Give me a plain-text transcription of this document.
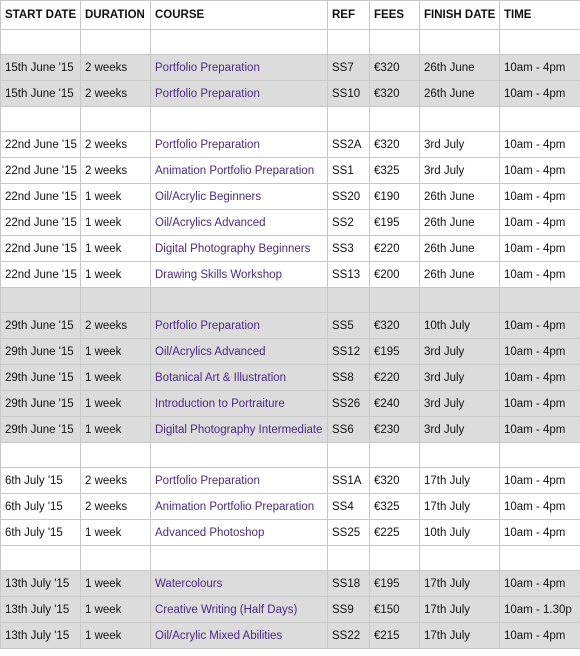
START DATE	DURATION	COURSE	REF	FEES	FINISH DATE	TIME

15th June '15	2 weeks	Portfolio Preparation	SS7	€320	26th June	10am - 4pm
15th June '15	2 weeks	Portfolio Preparation	SS10	€320	26th June	10am - 4pm

22nd June '15	2 weeks	Portfolio Preparation	SS2A	€320	3rd July	10am - 4pm
22nd June '15	2 weeks	Animation Portfolio Preparation	SS1	€325	3rd July	10am - 4pm
22nd June '15	1 week	Oil/Acrylic Beginners	SS20	€190	26th June	10am - 4pm
22nd June '15	1 week	Oil/Acrylics Advanced	SS2	€195	26th June	10am - 4pm
22nd June '15	1 week	Digital Photography Beginners	SS3	€220	26th June	10am - 4pm
22nd June '15	1 week	Drawing Skills Workshop	SS13	€200	26th June	10am - 4pm

29th June '15	2 weeks	Portfolio Preparation	SS5	€320	10th July	10am - 4pm
29th June '15	1 week	Oil/Acrylics Advanced	SS12	€195	3rd July	10am - 4pm
29th June '15	1 week	Botanical Art & Illustration	SS8	€220	3rd July	10am - 4pm
29th June '15	1 week	Introduction to Portraiture	SS26	€240	3rd July	10am - 4pm
29th June '15	1 week	Digital Photography Intermediate	SS6	€230	3rd July	10am - 4pm

6th July '15	2 weeks	Portfolio Preparation	SS1A	€320	17th July	10am - 4pm
6th July '15	2 weeks	Animation Portfolio Preparation	SS4	€325	17th July	10am - 4pm
6th July '15	1 week	Advanced Photoshop	SS25	€225	10th July	10am - 4pm

13th July '15	1 week	Watercolours	SS18	€195	17th July	10am - 4pm
13th July '15	1 week	Creative Writing (Half Days)	SS9	€150	17th July	10am - 1.30p
13th July '15	1 week	Oil/Acrylic Mixed Abilities	SS22	€215	17th July	10am - 4pm
